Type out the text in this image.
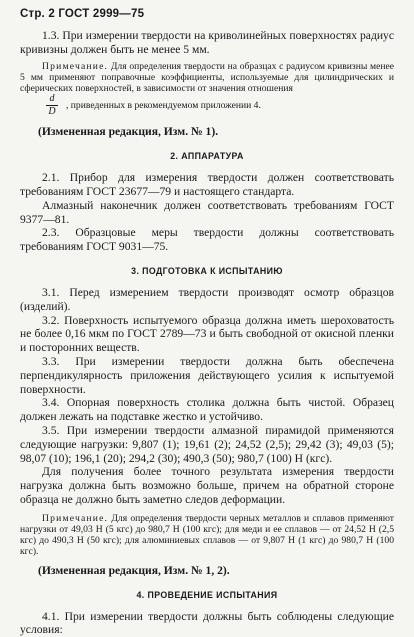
Стр. 2 ГОСТ 2999—75

1.3. При измерении твердости на криволинейных поверхностях радиус кривизны должен быть не менее 5 мм.

Примечание. Для определения твердости на образцах с радиусом кривизны менее 5 мм применяют поправочные коэффициенты, используемые для цилиндрических и сферических поверхностей, в зависимости от значения отношения

$\frac{d}{D}$ , приведенных в рекомендуемом приложении 4.

(Измененная редакция, Изм. № 1).

2. АППАРАТУРА

2.1. Прибор для измерения твердости должен соответствовать требованиям ГОСТ 23677—79 и настоящего стандарта.

Алмазный наконечник должен соответствовать требованиям ГОСТ 9377—81.

2.3. Образцовые меры твердости должны соответствовать требованиям ГОСТ 9031—75.

3. ПОДГОТОВКА К ИСПЫТАНИЮ

3.1. Перед измерением твердости производят осмотр образцов (изделий).

3.2. Поверхность испытуемого образца должна иметь шероховатость не более 0,16 мкм по ГОСТ 2789—73 и быть свободной от окисной пленки и посторонних веществ.

3.3. При измерении твердости должна быть обеспечена перпендикулярность приложения действующего усилия к испытуемой поверхности.

3.4. Опорная поверхность столика должна быть чистой. Образец должен лежать на подставке жестко и устойчиво.

3.5. При измерении твердости алмазной пирамидой применяются следующие нагрузки: 9,807 (1); 19,61 (2); 24,52 (2,5); 29,42 (3); 49,03 (5); 98,07 (10); 196,1 (20); 294,2 (30); 490,3 (50); 980,7 (100) Н (кгс).

Для получения более точного результата измерения твердости нагрузка должна быть возможно больше, причем на обратной стороне образца не должно быть заметно следов деформации.

Примечание. Для определения твердости черных металлов и сплавов применяют нагрузки от 49,03 Н (5 кгс) до 980,7 Н (100 кгс); для меди и ее сплавов — от 24,52 Н (2,5 кгс) до 490,3 Н (50 кгс); для алюминиевых сплавов — от 9,807 Н (1 кгс) до 980,7 Н (100 кгс).

(Измененная редакция, Изм. № 1, 2).

4. ПРОВЕДЕНИЕ ИСПЫТАНИЯ

4.1. При измерении твердости должны быть соблюдены следующие условия:
